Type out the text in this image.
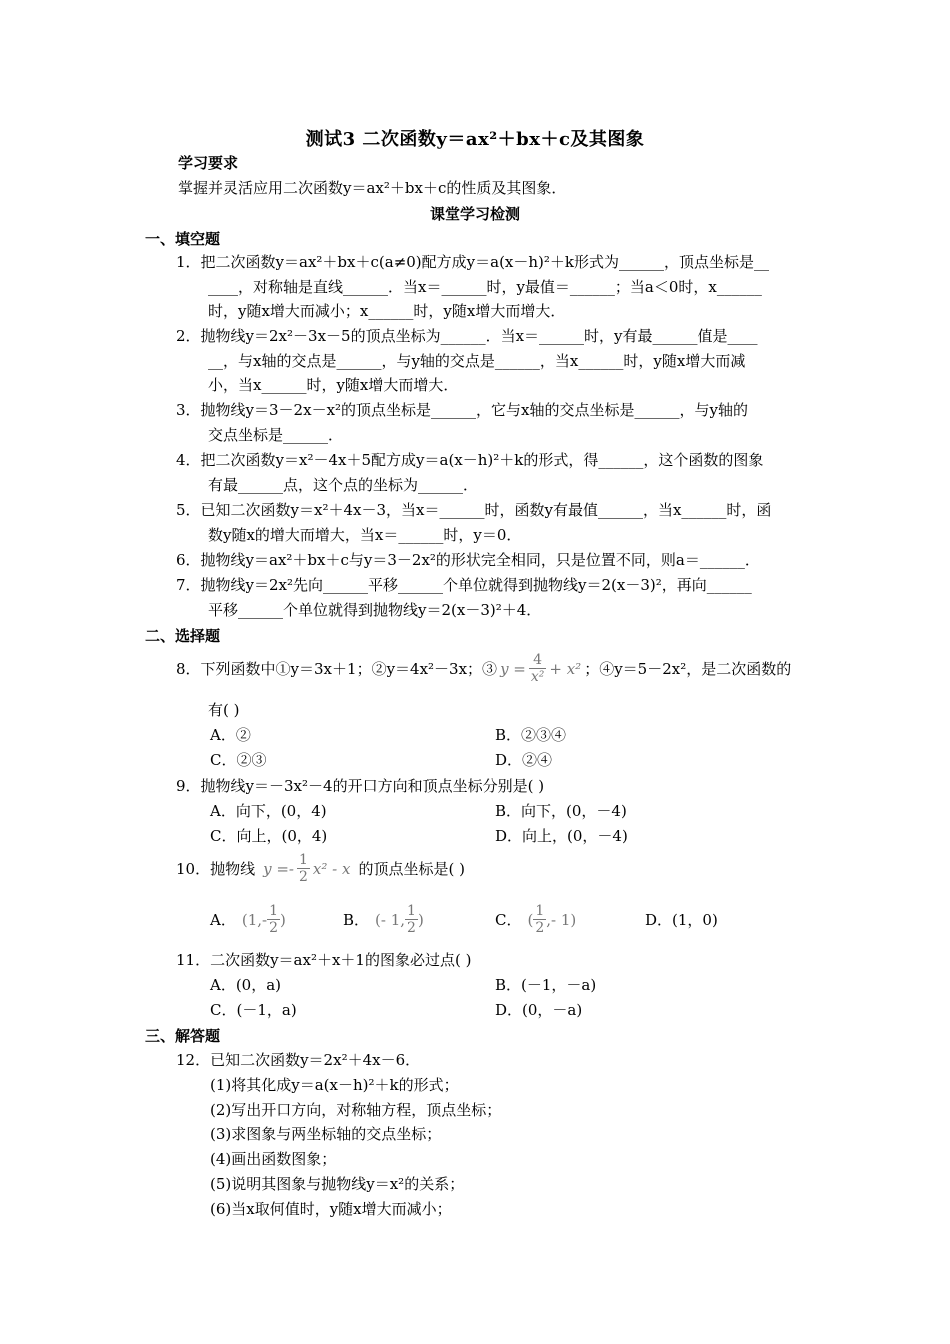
测试3 二次函数y＝ax²＋bx＋c及其图象
学习要求
掌握并灵活应用二次函数y＝ax²＋bx＋c的性质及其图象．
课堂学习检测
一、填空题
1．把二次函数y＝ax²＋bx＋c(a≠0)配方成y＝a(x－h)²＋k形式为______，顶点坐标是__
____，对称轴是直线______．当x＝______时，y最值＝______；当a＜0时，x______
时，y随x增大而减小；x______时，y随x增大而增大．
2．抛物线y＝2x²－3x－5的顶点坐标为______．当x＝______时，y有最______值是____
__，与x轴的交点是______，与y轴的交点是______，当x______时，y随x增大而减
小，当x______时，y随x增大而增大．
3．抛物线y＝3－2x－x²的顶点坐标是______，它与x轴的交点坐标是______，与y轴的
交点坐标是______．
4．把二次函数y＝x²－4x＋5配方成y＝a(x－h)²＋k的形式，得______，这个函数的图象
有最______点，这个点的坐标为______．
5．已知二次函数y＝x²＋4x－3，当x＝______时，函数y有最值______，当x______时，函
数y随x的增大而增大，当x＝______时，y＝0．
6．抛物线y＝ax²＋bx＋c与y＝3－2x²的形状完全相同，只是位置不同，则a＝______．
7．抛物线y＝2x²先向______平移______个单位就得到抛物线y＝2(x－3)²，再向______
平移______个单位就得到抛物线y＝2(x－3)²＋4．
二、选择题
8．下列函数中①y＝3x＋1；②y＝4x²－3x；③ $y = \frac{4}{\text{x²}} + x^2$ ；④y＝5－2x²，是二次函数的
有( )
A．②	B．②③④
C．②③	D．②④
9．抛物线y＝－3x²－4的开口方向和顶点坐标分别是( )
A．向下，(0，4)	B．向下，(0，－4)
C．向上，(0，4)	D．向上，(0，－4)
10．抛物线 $y =- \frac{1}{2} x^2 - x$ 的顶点坐标是( )
A． ($1,- \frac{1}{2}$ )	B． (- 1, $\frac{1}{2}$ )	C． ( $\frac{1}{2}$ ,- 1)	D．(1，0)
11．二次函数y＝ax²＋x＋1的图象必过点( )
A．(0，a)	B．(－1，－a)
C．(－1，a)	D．(0，－a)
三、解答题
12．已知二次函数y＝2x²＋4x－6．
(1)将其化成y＝a(x－h)²＋k的形式；
(2)写出开口方向，对称轴方程，顶点坐标；
(3)求图象与两坐标轴的交点坐标；
(4)画出函数图象；
(5)说明其图象与抛物线y＝x²的关系；
(6)当x取何值时，y随x增大而减小；
